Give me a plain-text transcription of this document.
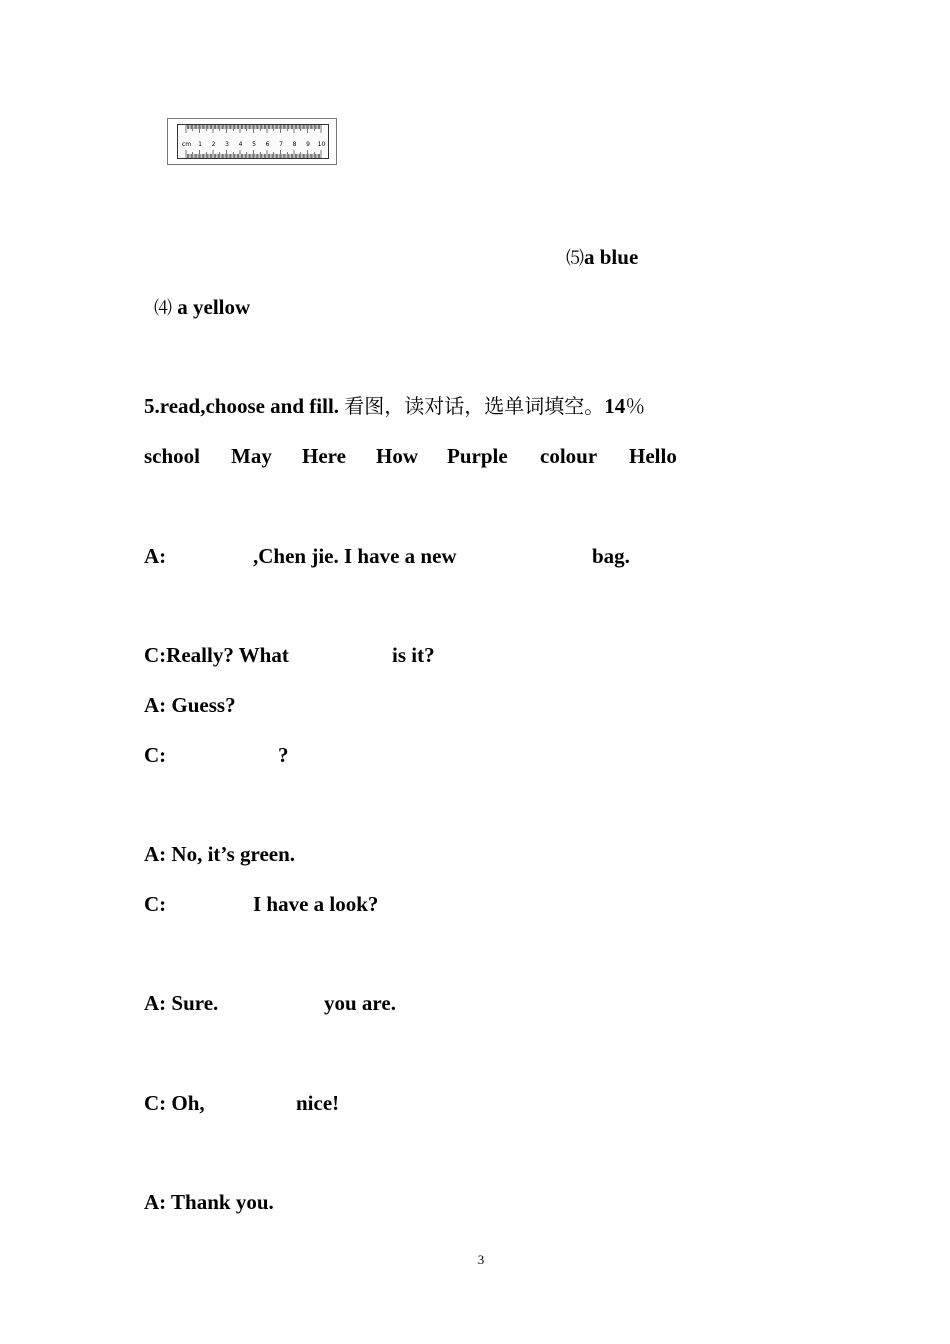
cm 1 2 3 4 5 6 7 8 9 10
⑸a blue
⑷ a yellow
5.read,choose and fill. 看图，读对话，选单词填空。14％
school May Here How Purple colour Hello
A:	,Chen jie. I have a new	bag.
C:Really? What	is it?
A: Guess?
C:	?
A: No, it’s green.
C:	I have a look?
A: Sure.	you are.
C: Oh,	nice!
A: Thank you.
3
